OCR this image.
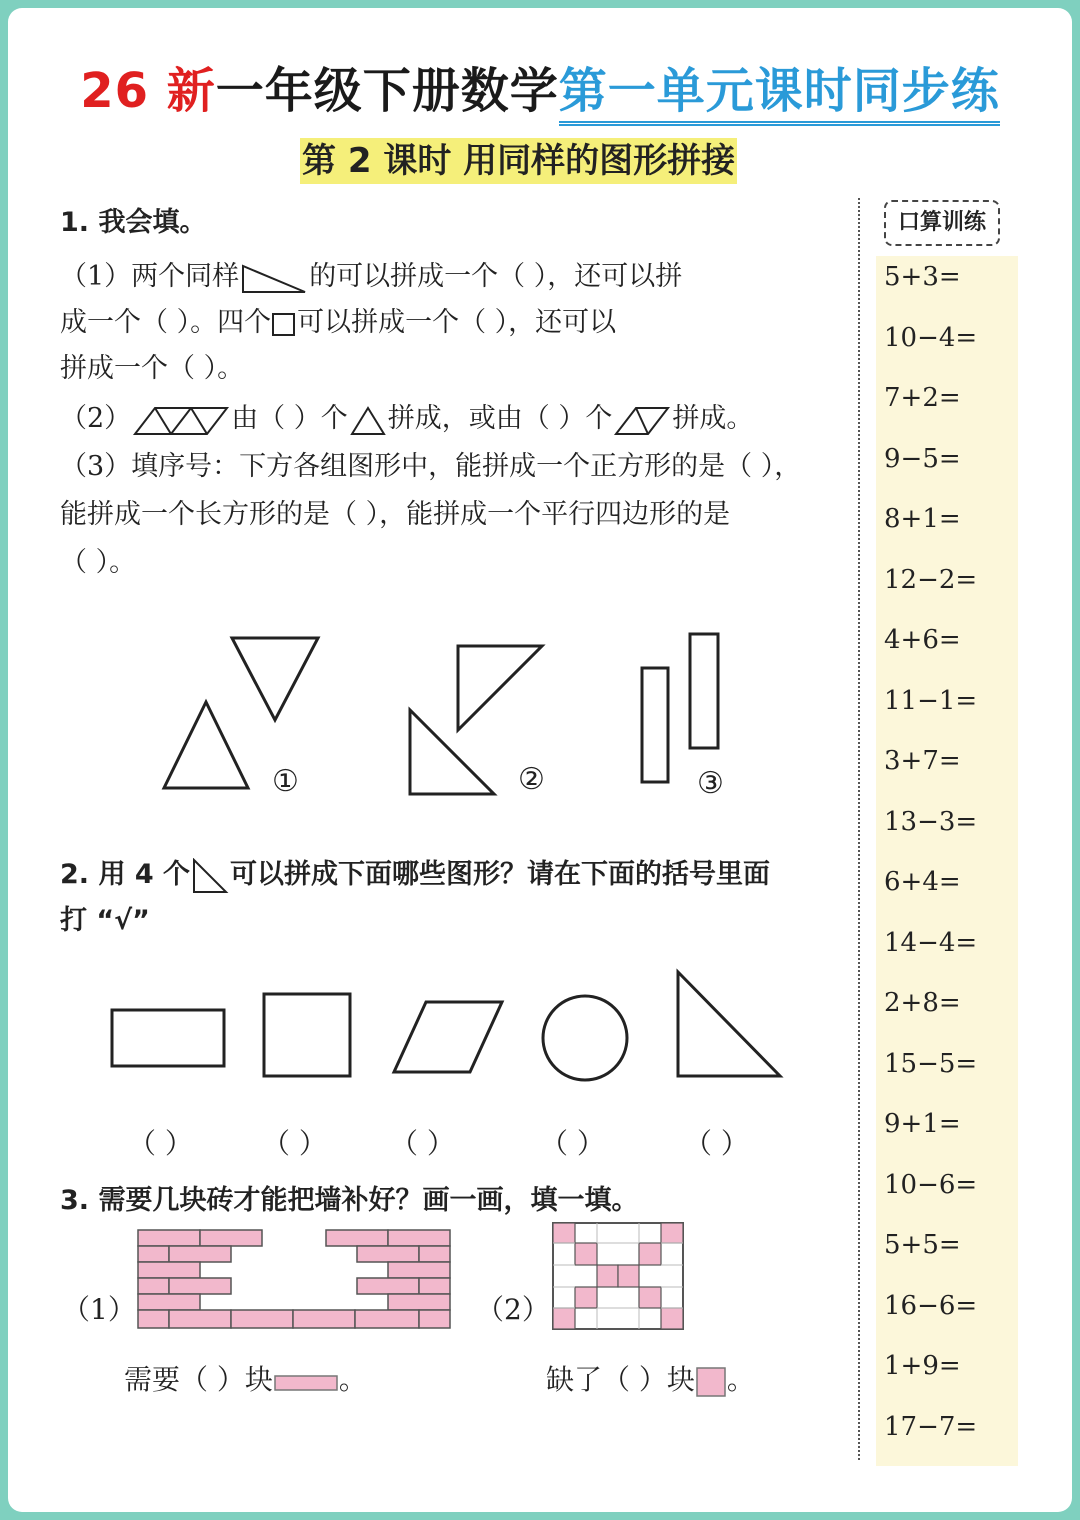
26 新一年级下册数学第一单元课时同步练
第 2 课时 用同样的图形拼接
1. 我会填。
（1）两个同样	的可以拼成一个（ ），还可以拼
成一个（ ）。四个 可以拼成一个（ ），还可以
拼成一个（ ）。
（2）	由（ ）个 拼成，或由（ ）个 拼成。
（3）填序号：下方各组图形中，能拼成一个正方形的是（ ），
能拼成一个长方形的是（ ），能拼成一个平行四边形的是
（ ）。
①	②	③
2. 用 4 个 可以拼成下面哪些图形？请在下面的括号里面
打 “√”
（ ） （ ） （ ）	（ ）	（ ）
3. 需要几块砖才能把墙补好？画一画，填一填。
（1）	（2）
需要（ ）块 。	缺了（ ）块 。
口算训练
5+3=
10−4=
7+2=
9−5=
8+1=
12−2=
4+6=
11−1=
3+7=
13−3=
6+4=
14−4=
2+8=
15−5=
9+1=
10−6=
5+5=
16−6=
1+9=
17−7=
